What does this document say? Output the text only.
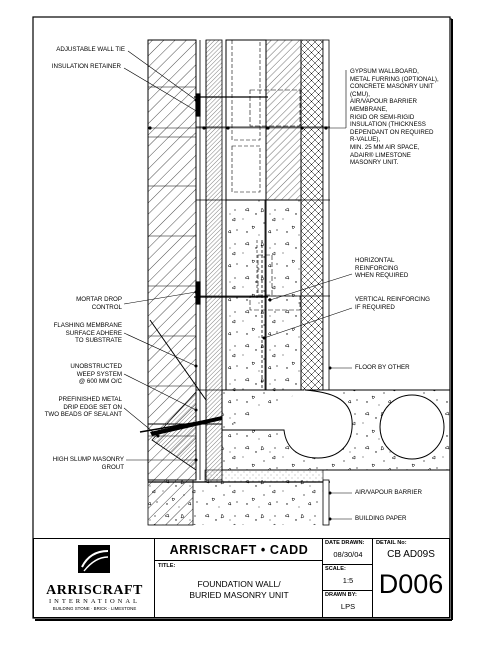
ADJUSTABLE WALL TIE
INSULATION RETAINER
MORTAR DROP
CONTROL
FLASHING MEMBRANE
SURFACE ADHERE
TO SUBSTRATE
UNOBSTRUCTED
WEEP SYSTEM
@ 600 MM O/C
PREFINISHED METAL
DRIP EDGE SET ON
TWO BEADS OF SEALANT
HIGH SLUMP MASONRY GROUT
GYPSUM WALLBOARD,
METAL FURRING (OPTIONAL),
CONCRETE MASONRY UNIT (CMU),
AIR/VAPOUR BARRIER
MEMBRANE,
RIGID OR SEMI-RIGID
INSULATION (THICKNESS
DEPENDANT ON REQUIRED
R-VALUE),
MIN. 25 MM AIR SPACE,
ADAIR® LIMESTONE
MASONRY UNIT.
HORIZONTAL
REINFORCING
WHEN REQUIRED
VERTICAL REINFORCING
IF REQUIRED
FLOOR BY OTHER
AIR/VAPOUR BARRIER
BUILDING PAPER
ARRISCRAFT
INTERNATIONAL
BUILDING STONE · BRICK · LIMESTONE
ARRISCRAFT • CADD
TITLE:
FOUNDATION WALL/
BURIED MASONRY UNIT
DATE DRAWN:
08/30/04
SCALE:
1:5
DRAWN BY:
LPS
DETAIL No:
CB AD09S
D006
